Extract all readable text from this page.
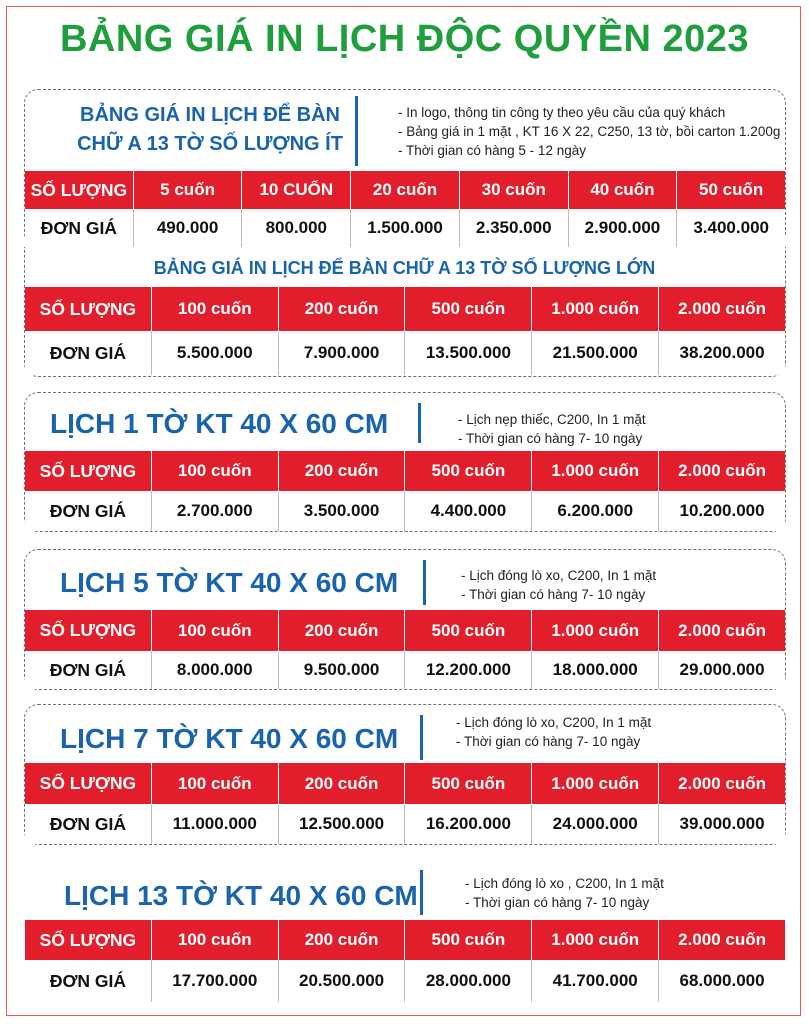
BẢNG GIÁ IN LỊCH ĐỘC QUYỀN 2023
BẢNG GIÁ IN LỊCH ĐỂ BÀN
CHỮ A 13 TỜ SỐ LƯỢNG ÍT
- In logo, thông tin công ty theo yêu cầu của quý khách
- Bảng giá in 1 mặt , KT 16 X 22, C250, 13 tờ, bồi carton 1.200g
- Thời gian có hàng 5 - 12 ngày
SỐ LƯỢNG	5 cuốn	10 CUỐN	20 cuốn	30 cuốn	40 cuốn	50 cuốn
ĐƠN GIÁ	490.000	800.000	1.500.000	2.350.000	2.900.000	3.400.000
BẢNG GIÁ IN LỊCH ĐỂ BÀN CHỮ A 13 TỜ SỐ LƯỢNG LỚN
SỐ LƯỢNG	100 cuốn	200 cuốn	500 cuốn	1.000 cuốn	2.000 cuốn
ĐƠN GIÁ	5.500.000	7.900.000	13.500.000	21.500.000	38.200.000
LỊCH 1 TỜ KT 40 X 60 CM	- Lịch nẹp thiếc, C200, In 1 mặt
- Thời gian có hàng 7- 10 ngày
SỐ LƯỢNG	100 cuốn	200 cuốn	500 cuốn	1.000 cuốn	2.000 cuốn
ĐƠN GIÁ	2.700.000	3.500.000	4.400.000	6.200.000	10.200.000
LỊCH 5 TỜ KT 40 X 60 CM	- Lịch đóng lò xo, C200, In 1 mặt
- Thời gian có hàng 7- 10 ngày
SỐ LƯỢNG	100 cuốn	200 cuốn	500 cuốn	1.000 cuốn	2.000 cuốn
ĐƠN GIÁ	8.000.000	9.500.000	12.200.000	18.000.000	29.000.000
LỊCH 7 TỜ KT 40 X 60 CM
- Lịch đóng lò xo, C200, In 1 mặt
- Thời gian có hàng 7- 10 ngày
SỐ LƯỢNG	100 cuốn	200 cuốn	500 cuốn	1.000 cuốn	2.000 cuốn
ĐƠN GIÁ	11.000.000	12.500.000	16.200.000	24.000.000	39.000.000
LỊCH 13 TỜ KT 40 X 60 CM	- Lịch đóng lò xo , C200, In 1 mặt
- Thời gian có hàng 7- 10 ngày
SỐ LƯỢNG	100 cuốn	200 cuốn	500 cuốn	1.000 cuốn	2.000 cuốn
ĐƠN GIÁ	17.700.000	20.500.000	28.000.000	41.700.000	68.000.000
